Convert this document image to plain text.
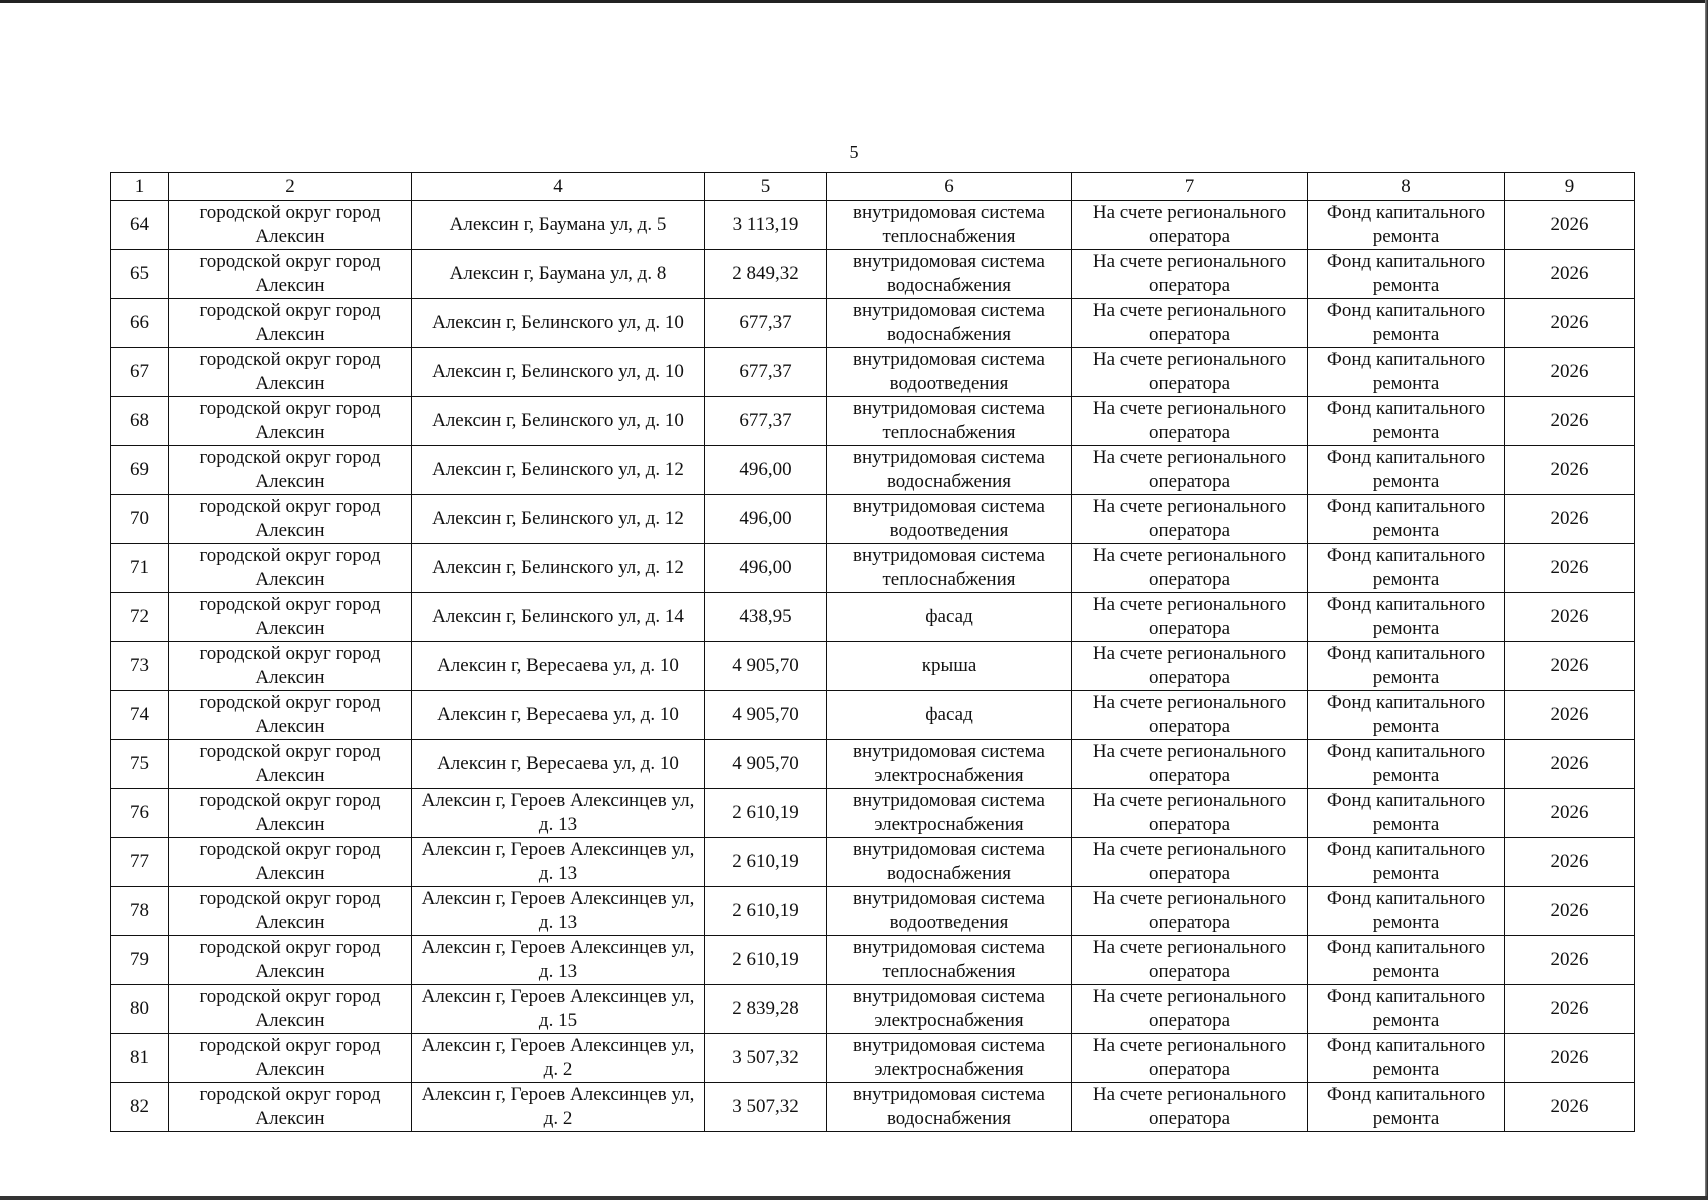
5
1	2	4	5	6	7	8	9
64	городской округ город Алексин	Алексин г, Баумана ул, д. 5	3 113,19	внутридомовая система теплоснабжения	На счете регионального оператора	Фонд капитального ремонта	2026
65	городской округ город Алексин	Алексин г, Баумана ул, д. 8	2 849,32	внутридомовая система водоснабжения	На счете регионального оператора	Фонд капитального ремонта	2026
66	городской округ город Алексин	Алексин г, Белинского ул, д. 10	677,37	внутридомовая система водоснабжения	На счете регионального оператора	Фонд капитального ремонта	2026
67	городской округ город Алексин	Алексин г, Белинского ул, д. 10	677,37	внутридомовая система водоотведения	На счете регионального оператора	Фонд капитального ремонта	2026
68	городской округ город Алексин	Алексин г, Белинского ул, д. 10	677,37	внутридомовая система теплоснабжения	На счете регионального оператора	Фонд капитального ремонта	2026
69	городской округ город Алексин	Алексин г, Белинского ул, д. 12	496,00	внутридомовая система водоснабжения	На счете регионального оператора	Фонд капитального ремонта	2026
70	городской округ город Алексин	Алексин г, Белинского ул, д. 12	496,00	внутридомовая система водоотведения	На счете регионального оператора	Фонд капитального ремонта	2026
71	городской округ город Алексин	Алексин г, Белинского ул, д. 12	496,00	внутридомовая система теплоснабжения	На счете регионального оператора	Фонд капитального ремонта	2026
72	городской округ город Алексин	Алексин г, Белинского ул, д. 14	438,95	фасад	На счете регионального оператора	Фонд капитального ремонта	2026
73	городской округ город Алексин	Алексин г, Вересаева ул, д. 10	4 905,70	крыша	На счете регионального оператора	Фонд капитального ремонта	2026
74	городской округ город Алексин	Алексин г, Вересаева ул, д. 10	4 905,70	фасад	На счете регионального оператора	Фонд капитального ремонта	2026
75	городской округ город Алексин	Алексин г, Вересаева ул, д. 10	4 905,70	внутридомовая система электроснабжения	На счете регионального оператора	Фонд капитального ремонта	2026
76	городской округ город Алексин	Алексин г, Героев Алексинцев ул, д. 13	2 610,19	внутридомовая система электроснабжения	На счете регионального оператора	Фонд капитального ремонта	2026
77	городской округ город Алексин	Алексин г, Героев Алексинцев ул, д. 13	2 610,19	внутридомовая система водоснабжения	На счете регионального оператора	Фонд капитального ремонта	2026
78	городской округ город Алексин	Алексин г, Героев Алексинцев ул, д. 13	2 610,19	внутридомовая система водоотведения	На счете регионального оператора	Фонд капитального ремонта	2026
79	городской округ город Алексин	Алексин г, Героев Алексинцев ул, д. 13	2 610,19	внутридомовая система теплоснабжения	На счете регионального оператора	Фонд капитального ремонта	2026
80	городской округ город Алексин	Алексин г, Героев Алексинцев ул, д. 15	2 839,28	внутридомовая система электроснабжения	На счете регионального оператора	Фонд капитального ремонта	2026
81	городской округ город Алексин	Алексин г, Героев Алексинцев ул, д. 2	3 507,32	внутридомовая система электроснабжения	На счете регионального оператора	Фонд капитального ремонта	2026
82	городской округ город Алексин	Алексин г, Героев Алексинцев ул, д. 2	3 507,32	внутридомовая система водоснабжения	На счете регионального оператора	Фонд капитального ремонта	2026
